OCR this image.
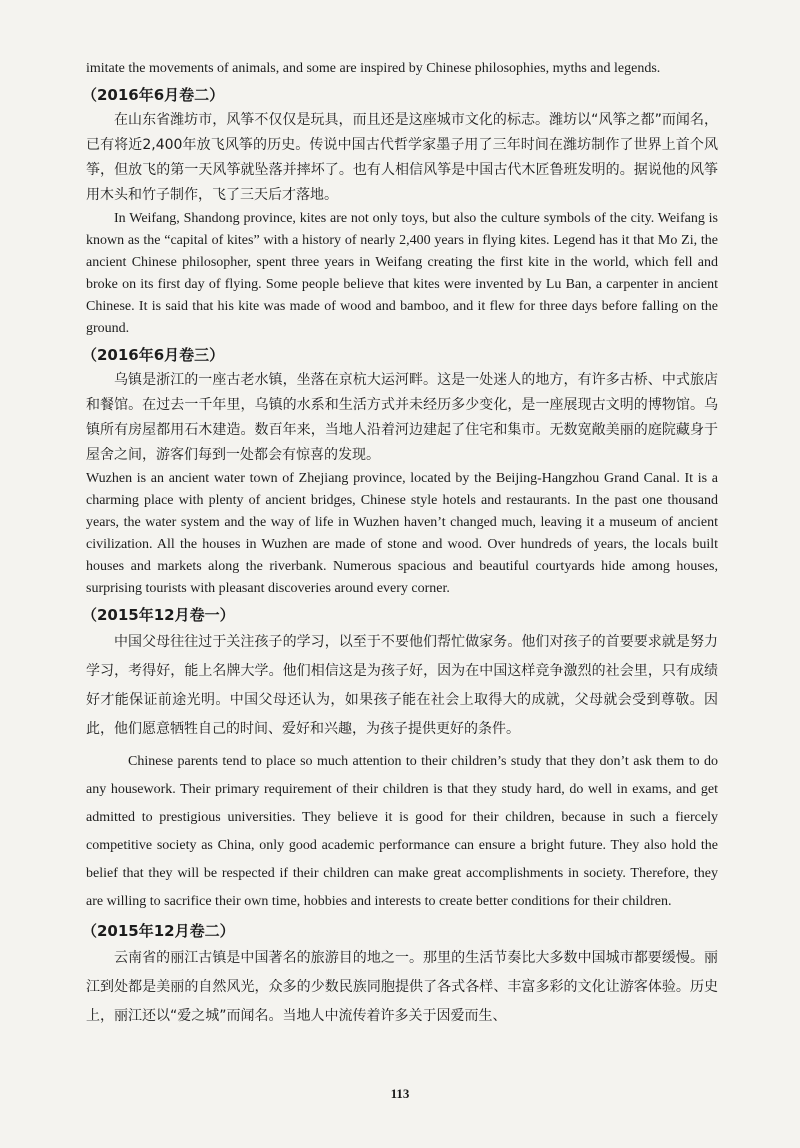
imitate the movements of animals, and some are inspired by Chinese philosophies, myths and legends.

（2016年6月卷二）

在山东省潍坊市，风筝不仅仅是玩具，而且还是这座城市文化的标志。潍坊以“风筝之都”而闻名，已有将近2,400年放飞风筝的历史。传说中国古代哲学家墨子用了三年时间在潍坊制作了世界上首个风筝，但放飞的第一天风筝就坠落并摔坏了。也有人相信风筝是中国古代木匠鲁班发明的。据说他的风筝用木头和竹子制作，飞了三天后才落地。

In Weifang, Shandong province, kites are not only toys, but also the culture symbols of the city. Weifang is known as the “capital of kites” with a history of nearly 2,400 years in flying kites. Legend has it that Mo Zi, the ancient Chinese philosopher, spent three years in Weifang creating the first kite in the world, which fell and broke on its first day of flying. Some people believe that kites were invented by Lu Ban, a carpenter in ancient Chinese. It is said that his kite was made of wood and bamboo, and it flew for three days before falling on the ground.

（2016年6月卷三）

乌镇是浙江的一座古老水镇，坐落在京杭大运河畔。这是一处迷人的地方，有许多古桥、中式旅店和餐馆。在过去一千年里，乌镇的水系和生活方式并未经历多少变化，是一座展现古文明的博物馆。乌镇所有房屋都用石木建造。数百年来，当地人沿着河边建起了住宅和集市。无数宽敞美丽的庭院藏身于屋舍之间，游客们每到一处都会有惊喜的发现。

Wuzhen is an ancient water town of Zhejiang province, located by the Beijing-Hangzhou Grand Canal. It is a charming place with plenty of ancient bridges, Chinese style hotels and restaurants. In the past one thousand years, the water system and the way of life in Wuzhen haven’t changed much, leaving it a museum of ancient civilization. All the houses in Wuzhen are made of stone and wood. Over hundreds of years, the locals built houses and markets along the riverbank. Numerous spacious and beautiful courtyards hide among houses, surprising tourists with pleasant discoveries around every corner.

（2015年12月卷一）

中国父母往往过于关注孩子的学习，以至于不要他们帮忙做家务。他们对孩子的首要要求就是努力学习，考得好，能上名牌大学。他们相信这是为孩子好，因为在中国这样竞争激烈的社会里，只有成绩好才能保证前途光明。中国父母还认为，如果孩子能在社会上取得大的成就，父母就会受到尊敬。因此，他们愿意牺牲自己的时间、爱好和兴趣，为孩子提供更好的条件。

Chinese parents tend to place so much attention to their children’s study that they don’t ask them to do any housework. Their primary requirement of their children is that they study hard, do well in exams, and get admitted to prestigious universities. They believe it is good for their children, because in such a fiercely competitive society as China, only good academic performance can ensure a bright future. They also hold the belief that they will be respected if their children can make great accomplishments in society. Therefore, they are willing to sacrifice their own time, hobbies and interests to create better conditions for their children.

（2015年12月卷二）

云南省的丽江古镇是中国著名的旅游目的地之一。那里的生活节奏比大多数中国城市都要缓慢。丽江到处都是美丽的自然风光，众多的少数民族同胞提供了各式各样、丰富多彩的文化让游客体验。历史上，丽江还以“爱之城”而闻名。当地人中流传着许多关于因爱而生、

113
